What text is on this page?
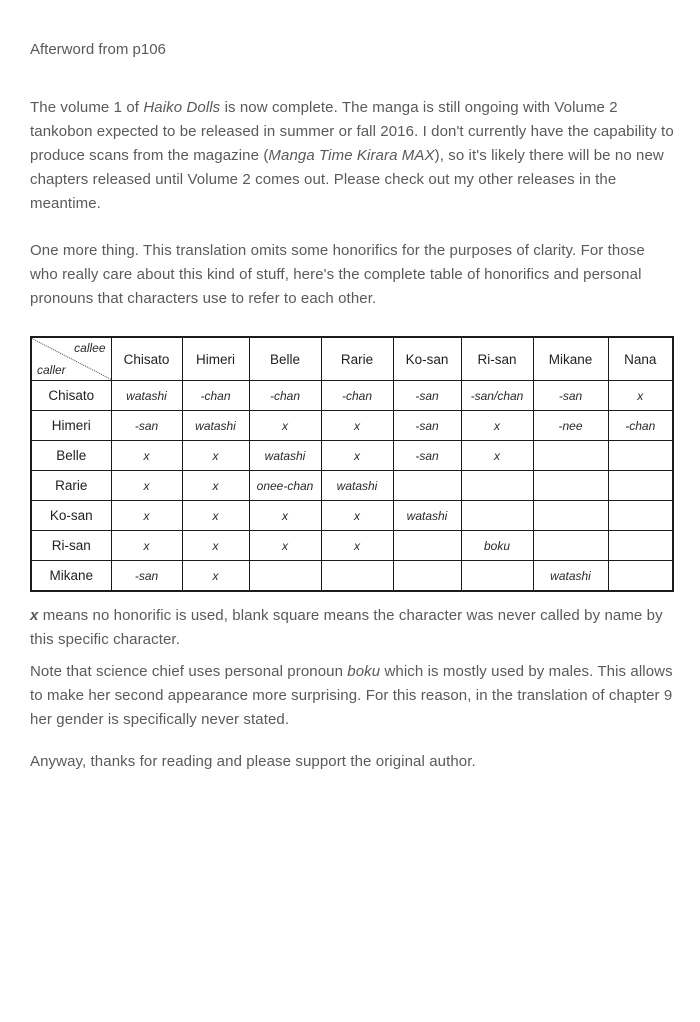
Afterword from p106

The volume 1 of Haiko Dolls is now complete. The manga is still ongoing with Volume 2 tankobon expected to be released in summer or fall 2016. I don't currently have the capability to produce scans from the magazine (Manga Time Kirara MAX), so it's likely there will be no new chapters released until Volume 2 comes out. Please check out my other releases in the meantime.

One more thing. This translation omits some honorifics for the purposes of clarity. For those who really care about this kind of stuff, here's the complete table of honorifics and personal pronouns that characters use to refer to each other.

callee
caller	Chisato	Himeri	Belle	Rarie	Ko-san	Ri-san	Mikane	Nana
Chisato	watashi	-chan	-chan	-chan	-san	-san/chan	-san	x
Himeri	-san	watashi	x	x	-san	x	-nee	-chan
Belle	x	x	watashi	x	-san	x		
Rarie	x	x	onee-chan	watashi				
Ko-san	x	x	x	x	watashi			
Ri-san	x	x	x	x		boku		
Mikane	-san	x					watashi	

x means no honorific is used, blank square means the character was never called by name by this specific character.

Note that science chief uses personal pronoun boku which is mostly used by males. This allows to make her second appearance more surprising. For this reason, in the translation of chapter 9 her gender is specifically never stated.

Anyway, thanks for reading and please support the original author.
